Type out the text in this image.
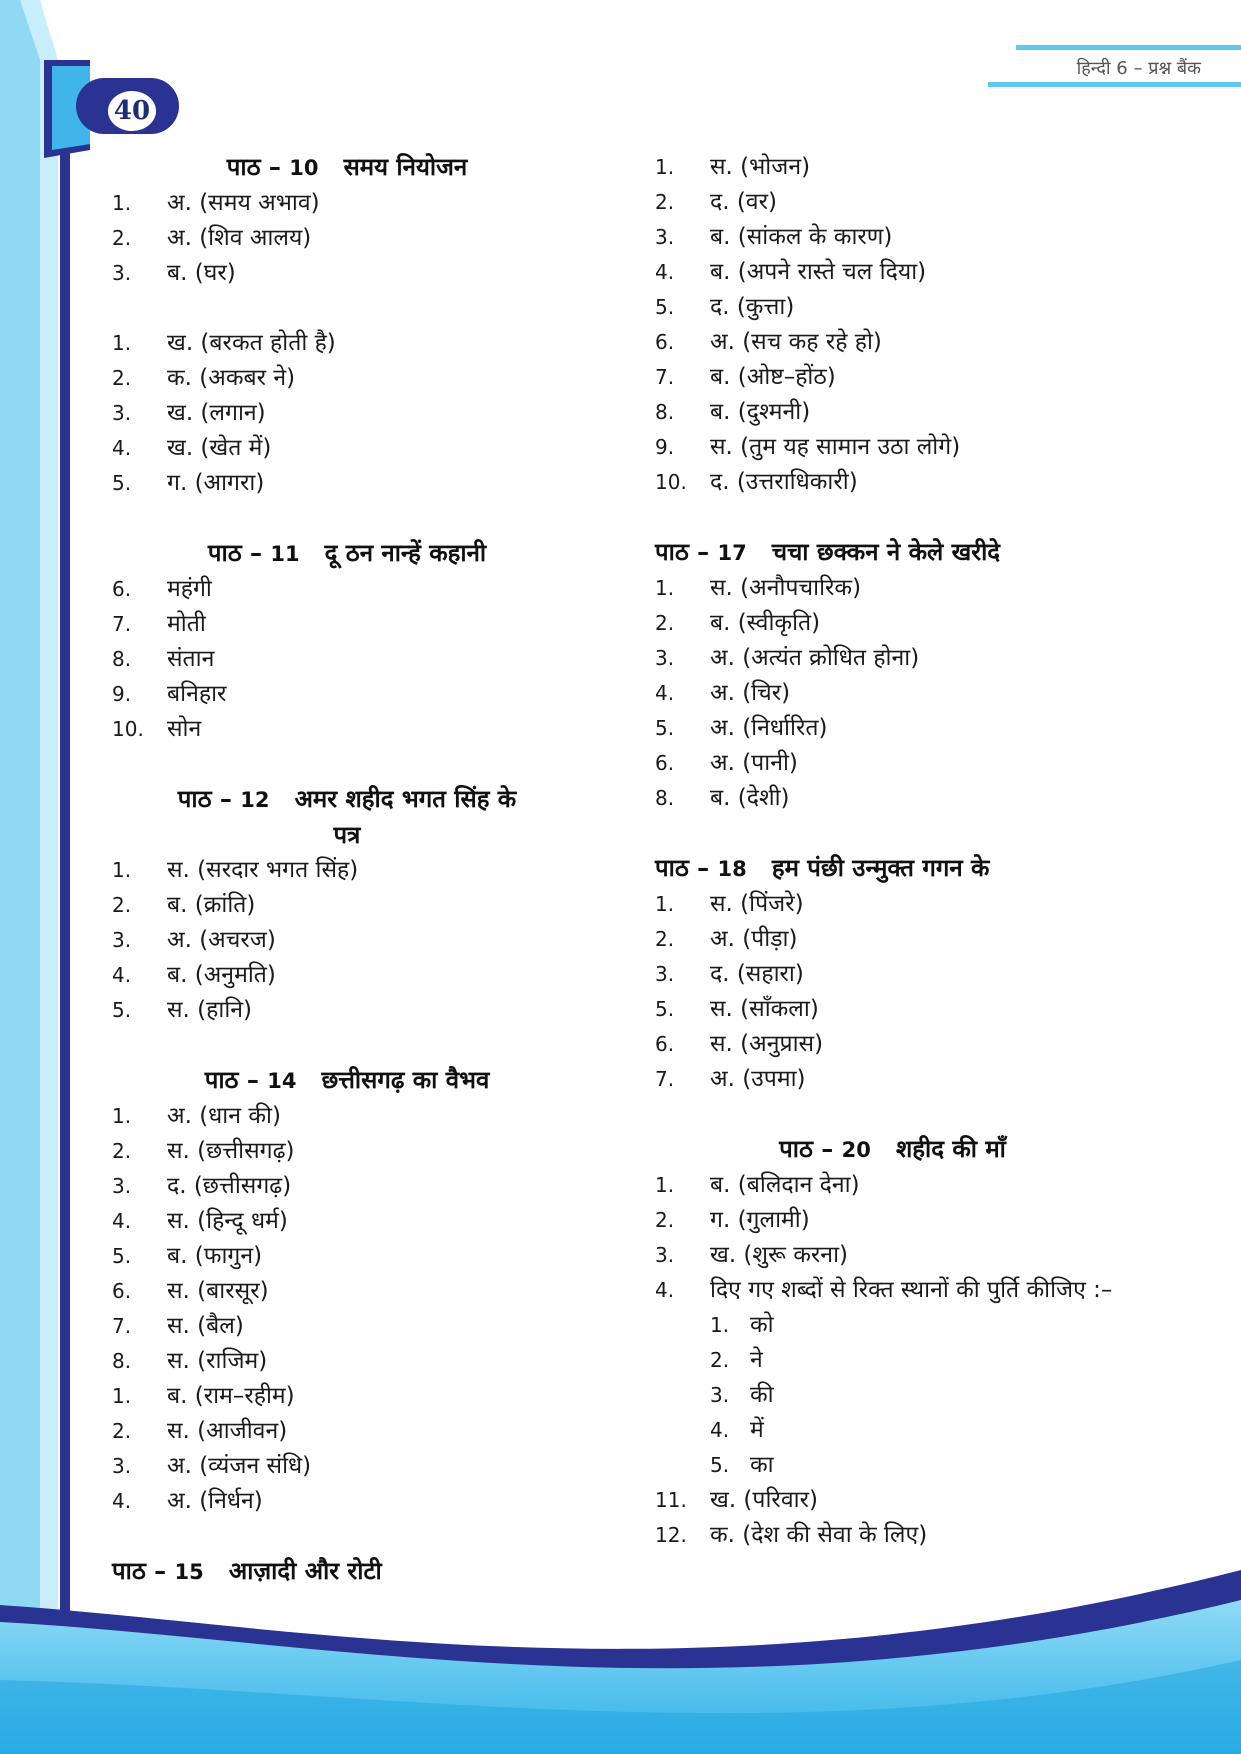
हिन्दी 6 – प्रश्न बैंक
40
पाठ – 10 समय नियोजन
1.	अ. (समय अभाव)
2.	अ. (शिव आलय)
3.	ब. (घर)
1.	ख. (बरकत होती है)
2.	क. (अकबर ने)
3.	ख. (लगान)
4.	ख. (खेत में)
5.	ग. (आगरा)
पाठ – 11 दू ठन नान्हें कहानी
6.	महंगी
7.	मोती
8.	संतान
9.	बनिहार
10.	सोन
पाठ – 12 अमर शहीद भगत सिंह के
पत्र
1.	स. (सरदार भगत सिंह)
2.	ब. (क्रांति)
3.	अ. (अचरज)
4.	ब. (अनुमति)
5.	स. (हानि)
पाठ – 14 छत्तीसगढ़ का वैभव
1.	अ. (धान की)
2.	स. (छत्तीसगढ़)
3.	द. (छत्तीसगढ़)
4.	स. (हिन्दू धर्म)
5.	ब. (फागुन)
6.	स. (बारसूर)
7.	स. (बैल)
8.	स. (राजिम)
1.	ब. (राम–रहीम)
2.	स. (आजीवन)
3.	अ. (व्यंजन संधि)
4.	अ. (निर्धन)
पाठ – 15 आज़ादी और रोटी
1.	स. (भोजन)
2.	द. (वर)
3.	ब. (सांकल के कारण)
4.	ब. (अपने रास्ते चल दिया)
5.	द. (कुत्ता)
6.	अ. (सच कह रहे हो)
7.	ब. (ओष्ट–होंठ)
8.	ब. (दुश्मनी)
9.	स. (तुम यह सामान उठा लोगे)
10.	द. (उत्तराधिकारी)
पाठ – 17 चचा छक्कन ने केले खरीदे
1.	स. (अनौपचारिक)
2.	ब. (स्वीकृति)
3.	अ. (अत्यंत क्रोधित होना)
4.	अ. (चिर)
5.	अ. (निर्धारित)
6.	अ. (पानी)
8.	ब. (देशी)
पाठ – 18 हम पंछी उन्मुक्त गगन के
1.	स. (पिंजरे)
2.	अ. (पीड़ा)
3.	द. (सहारा)
5.	स. (साँकला)
6.	स. (अनुप्रास)
7.	अ. (उपमा)
पाठ – 20 शहीद की माँ
1.	ब. (बलिदान देना)
2.	ग. (गुलामी)
3.	ख. (शुरू करना)
4.	दिए गए शब्दों से रिक्त स्थानों की पुर्ति कीजिए :–
1. को
2. ने
3. की
4. में
5. का
11.	ख. (परिवार)
12.	क. (देश की सेवा के लिए)
